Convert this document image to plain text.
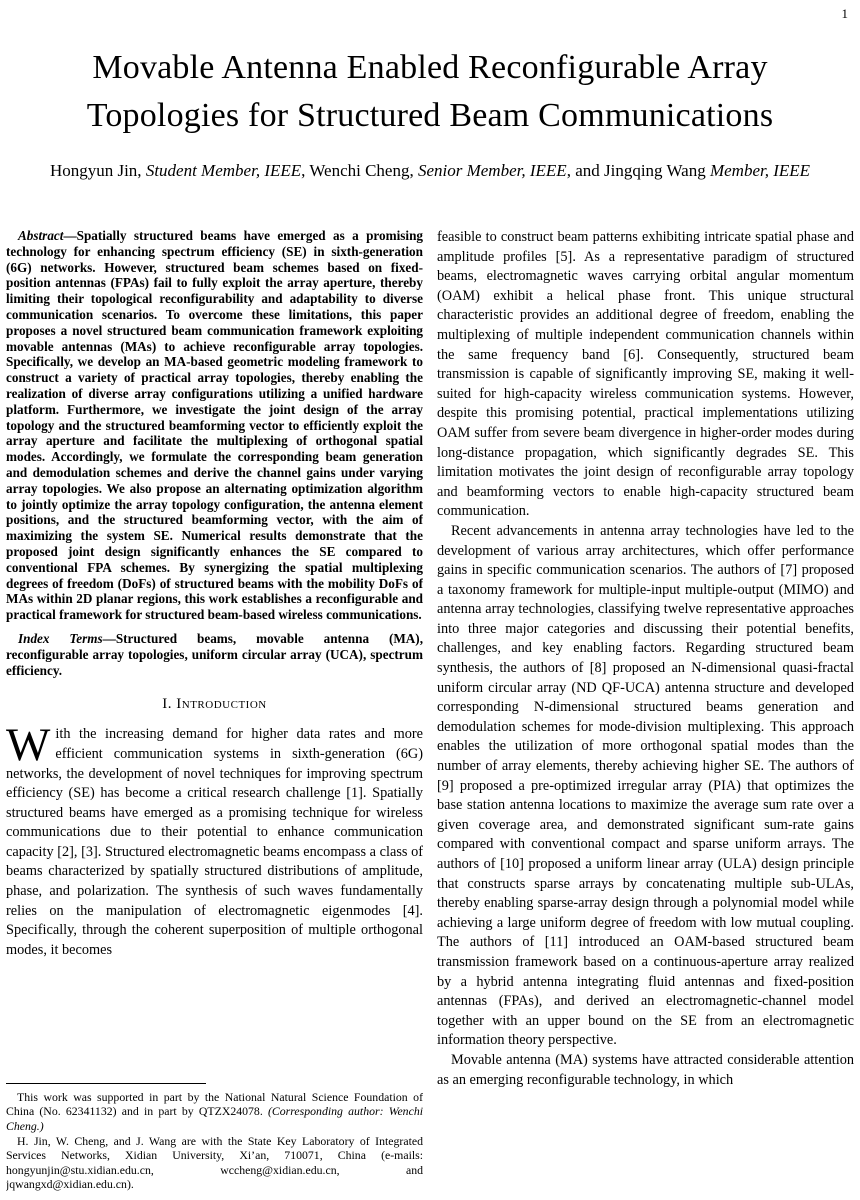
1
Movable Antenna Enabled Reconfigurable Array Topologies for Structured Beam Communications
Hongyun Jin, Student Member, IEEE, Wenchi Cheng, Senior Member, IEEE, and Jingqing Wang Member, IEEE

Abstract—Spatially structured beams have emerged as a promising technology for enhancing spectrum efficiency (SE) in sixth-generation (6G) networks. However, structured beam schemes based on fixed-position antennas (FPAs) fail to fully exploit the array aperture, thereby limiting their topological reconfigurability and adaptability to diverse communication scenarios. To overcome these limitations, this paper proposes a novel structured beam communication framework exploiting movable antennas (MAs) to achieve reconfigurable array topologies. Specifically, we develop an MA-based geometric modeling framework to construct a variety of practical array topologies, thereby enabling the realization of diverse array configurations utilizing a unified hardware platform. Furthermore, we investigate the joint design of the array topology and the structured beamforming vector to efficiently exploit the array aperture and facilitate the multiplexing of orthogonal spatial modes. Accordingly, we formulate the corresponding beam generation and demodulation schemes and derive the channel gains under varying array topologies. We also propose an alternating optimization algorithm to jointly optimize the array topology configuration, the antenna element positions, and the structured beamforming vector, with the aim of maximizing the system SE. Numerical results demonstrate that the proposed joint design significantly enhances the SE compared to conventional FPA schemes. By synergizing the spatial multiplexing degrees of freedom (DoFs) of structured beams with the mobility DoFs of MAs within 2D planar regions, this work establishes a reconfigurable and practical framework for structured beam-based wireless communications.

Index Terms—Structured beams, movable antenna (MA), reconfigurable array topologies, uniform circular array (UCA), spectrum efficiency.

I. Introduction

With the increasing demand for higher data rates and more efficient communication systems in sixth-generation (6G) networks, the development of novel techniques for improving spectrum efficiency (SE) has become a critical research challenge [1]. Spatially structured beams have emerged as a promising technique for wireless communications due to their potential to enhance communication capacity [2], [3]. Structured electromagnetic beams encompass a class of beams characterized by spatially structured distributions of amplitude, phase, and polarization. The synthesis of such waves fundamentally relies on the manipulation of electromagnetic eigenmodes [4]. Specifically, through the coherent superposition of multiple orthogonal modes, it becomes

This work was supported in part by the National Natural Science Foundation of China (No. 62341132) and in part by QTZX24078. (Corresponding author: Wenchi Cheng.)

H. Jin, W. Cheng, and J. Wang are with the State Key Laboratory of Integrated Services Networks, Xidian University, Xi’an, 710071, China (e-mails: hongyunjin@stu.xidian.edu.cn, wccheng@xidian.edu.cn, and jqwangxd@xidian.edu.cn).

feasible to construct beam patterns exhibiting intricate spatial phase and amplitude profiles [5]. As a representative paradigm of structured beams, electromagnetic waves carrying orbital angular momentum (OAM) exhibit a helical phase front. This unique structural characteristic provides an additional degree of freedom, enabling the multiplexing of multiple independent communication channels within the same frequency band [6]. Consequently, structured beam transmission is capable of significantly improving SE, making it well-suited for high-capacity wireless communication systems. However, despite this promising potential, practical implementations utilizing OAM suffer from severe beam divergence in higher-order modes during long-distance propagation, which significantly degrades SE. This limitation motivates the joint design of reconfigurable array topology and beamforming vectors to enable high-capacity structured beam communication.

Recent advancements in antenna array technologies have led to the development of various array architectures, which offer performance gains in specific communication scenarios. The authors of [7] proposed a taxonomy framework for multiple-input multiple-output (MIMO) and antenna array technologies, classifying twelve representative approaches into three major categories and discussing their potential benefits, challenges, and key enabling factors. Regarding structured beam synthesis, the authors of [8] proposed an N-dimensional quasi-fractal uniform circular array (ND QF-UCA) antenna structure and developed corresponding N-dimensional structured beams generation and demodulation schemes for mode-division multiplexing. This approach enables the utilization of more orthogonal spatial modes than the number of array elements, thereby achieving higher SE. The authors of [9] proposed a pre-optimized irregular array (PIA) that optimizes the base station antenna locations to maximize the average sum rate over a given coverage area, and demonstrated significant sum-rate gains compared with conventional compact and sparse uniform arrays. The authors of [10] proposed a uniform linear array (ULA) design principle that constructs sparse arrays by concatenating multiple sub-ULAs, thereby enabling sparse-array design through a polynomial model while achieving a large uniform degree of freedom with low mutual coupling. The authors of [11] introduced an OAM-based structured beam transmission framework based on a continuous-aperture array realized by a hybrid antenna integrating fluid antennas and fixed-position antennas (FPAs), and derived an electromagnetic-channel model together with an upper bound on the SE from an electromagnetic information theory perspective.

Movable antenna (MA) systems have attracted considerable attention as an emerging reconfigurable technology, in which
